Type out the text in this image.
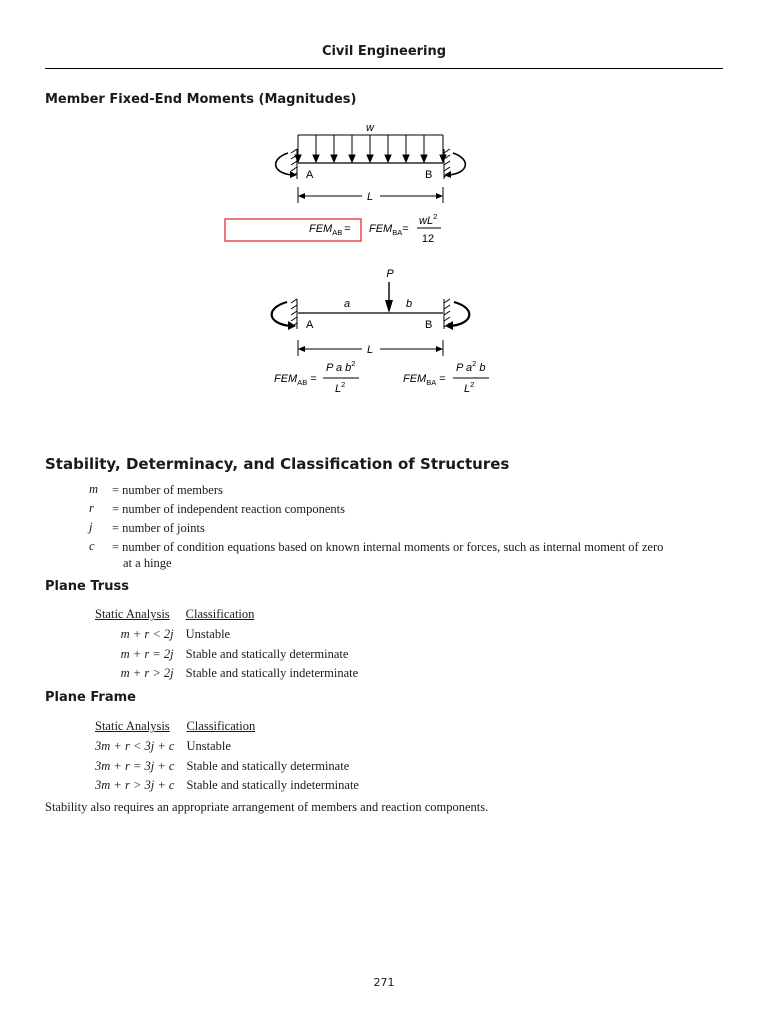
Civil Engineering
Member Fixed-End Moments (Magnitudes)
w
A	B
L
$FEM_{AB} = FEM_{BA}=$
$wL^2$
12
P
a	b
A	B
L
$FEM_{AB}$ =
P a $b^2$
$L^2$	$FEM_{BA}$ =
P $a^2$ b
$L^2$
Stability, Determinacy, and Classification of Structures
m = number of members
r = number of independent reaction components
j = number of joints
c = number of condition equations based on known internal moments or forces, such as internal moment of zero
at a hinge
Plane Truss
Static Analysis	Classification
m + r < 2j	Unstable
m + r = 2j	Stable and statically determinate
m + r > 2j	Stable and statically indeterminate
Plane Frame
Static Analysis	Classification
3m + r < 3j + c	Unstable
3m + r = 3j + c	Stable and statically determinate
3m + r > 3j + c	Stable and statically indeterminate
Stability also requires an appropriate arrangement of members and reaction components.
271
